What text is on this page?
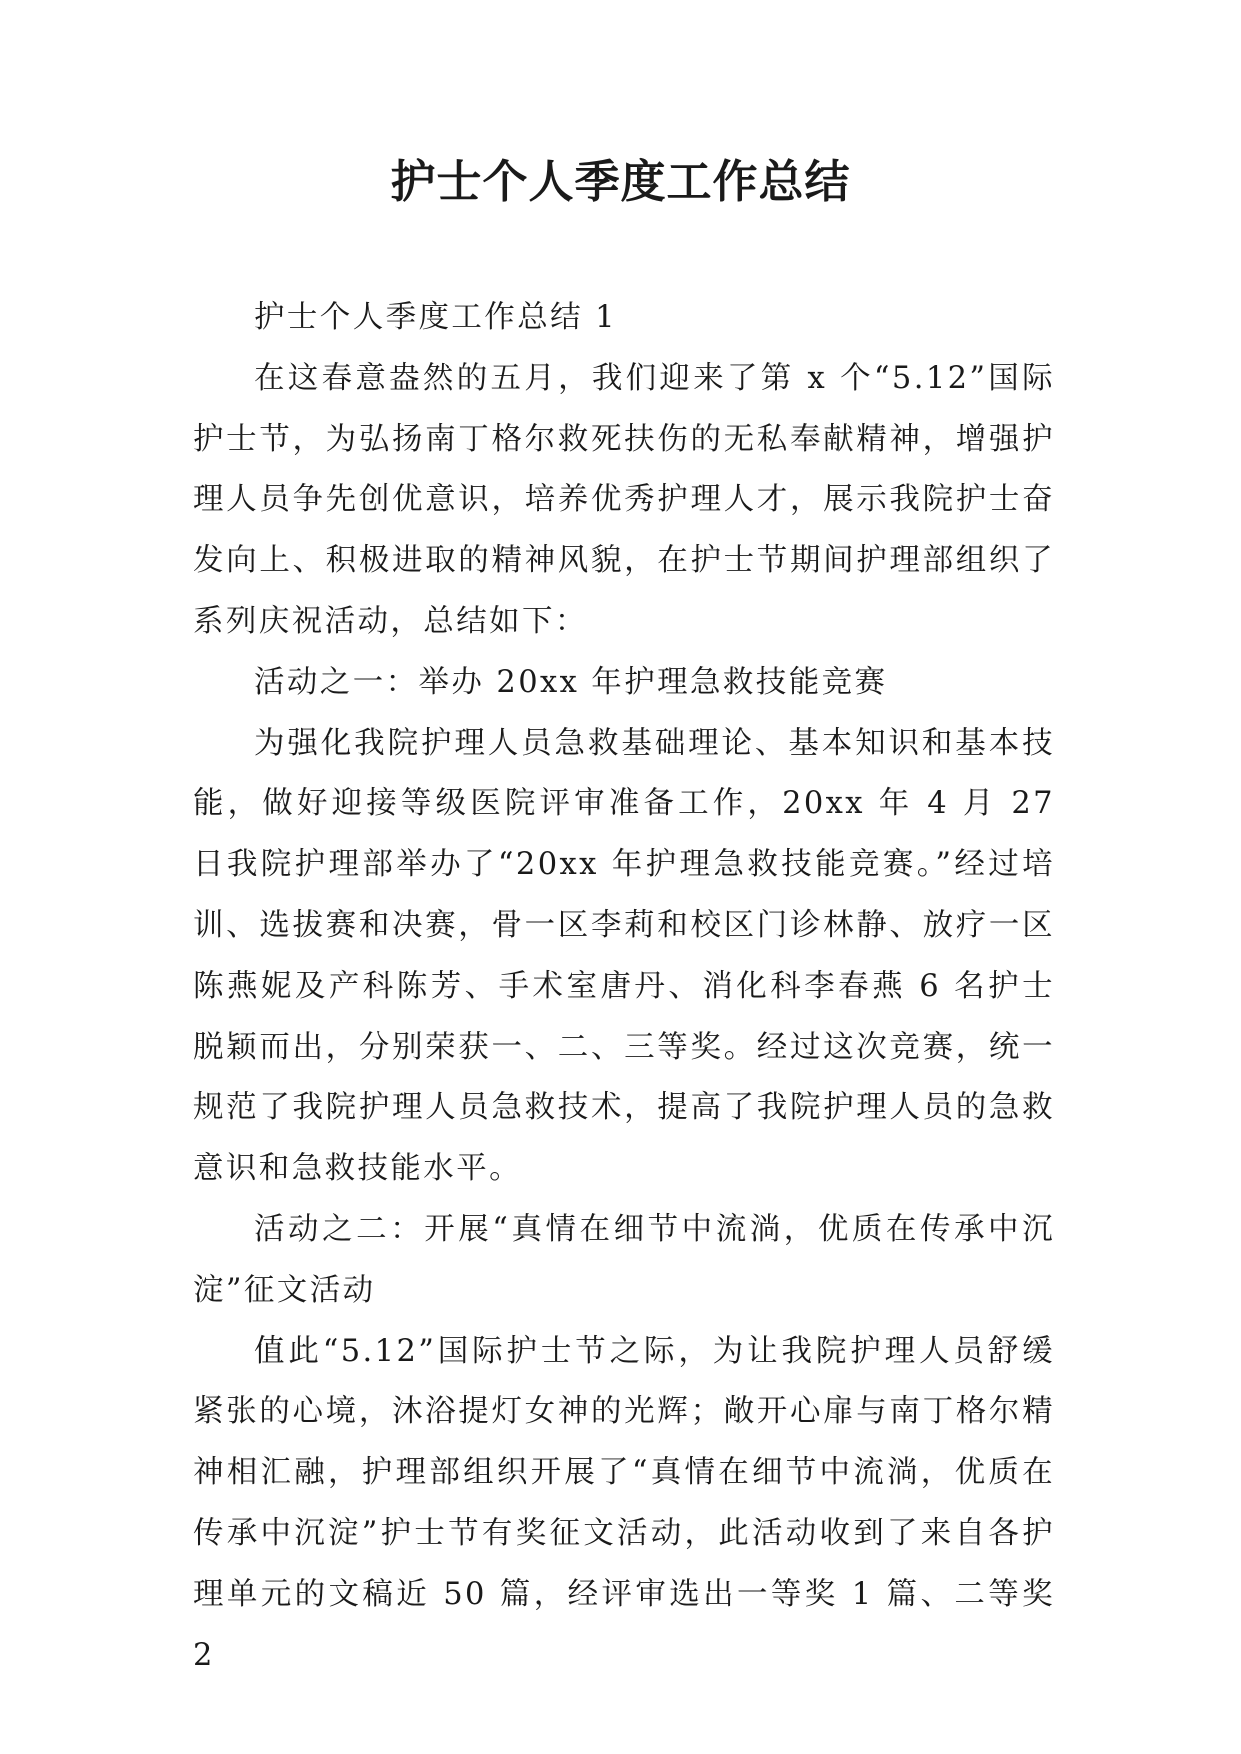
护士个人季度工作总结

护士个人季度工作总结 1

在这春意盎然的五月，我们迎来了第 x 个“5.12”国际护士节，为弘扬南丁格尔救死扶伤的无私奉献精神，增强护理人员争先创优意识，培养优秀护理人才，展示我院护士奋发向上、积极进取的精神风貌，在护士节期间护理部组织了系列庆祝活动，总结如下：

活动之一：举办 20xx 年护理急救技能竞赛

为强化我院护理人员急救基础理论、基本知识和基本技能，做好迎接等级医院评审准备工作，20xx 年 4 月 27 日我院护理部举办了“20xx 年护理急救技能竞赛。”经过培训、选拔赛和决赛，骨一区李莉和校区门诊林静、放疗一区陈燕妮及产科陈芳、手术室唐丹、消化科李春燕 6 名护士脱颖而出，分别荣获一、二、三等奖。经过这次竞赛，统一规范了我院护理人员急救技术，提高了我院护理人员的急救意识和急救技能水平。

活动之二：开展“真情在细节中流淌，优质在传承中沉淀”征文活动

值此“5.12”国际护士节之际，为让我院护理人员舒缓紧张的心境，沐浴提灯女神的光辉；敞开心扉与南丁格尔精神相汇融，护理部组织开展了“真情在细节中流淌，优质在传承中沉淀”护士节有奖征文活动，此活动收到了来自各护理单元的文稿近 50 篇，经评审选出一等奖 1 篇、二等奖 2
